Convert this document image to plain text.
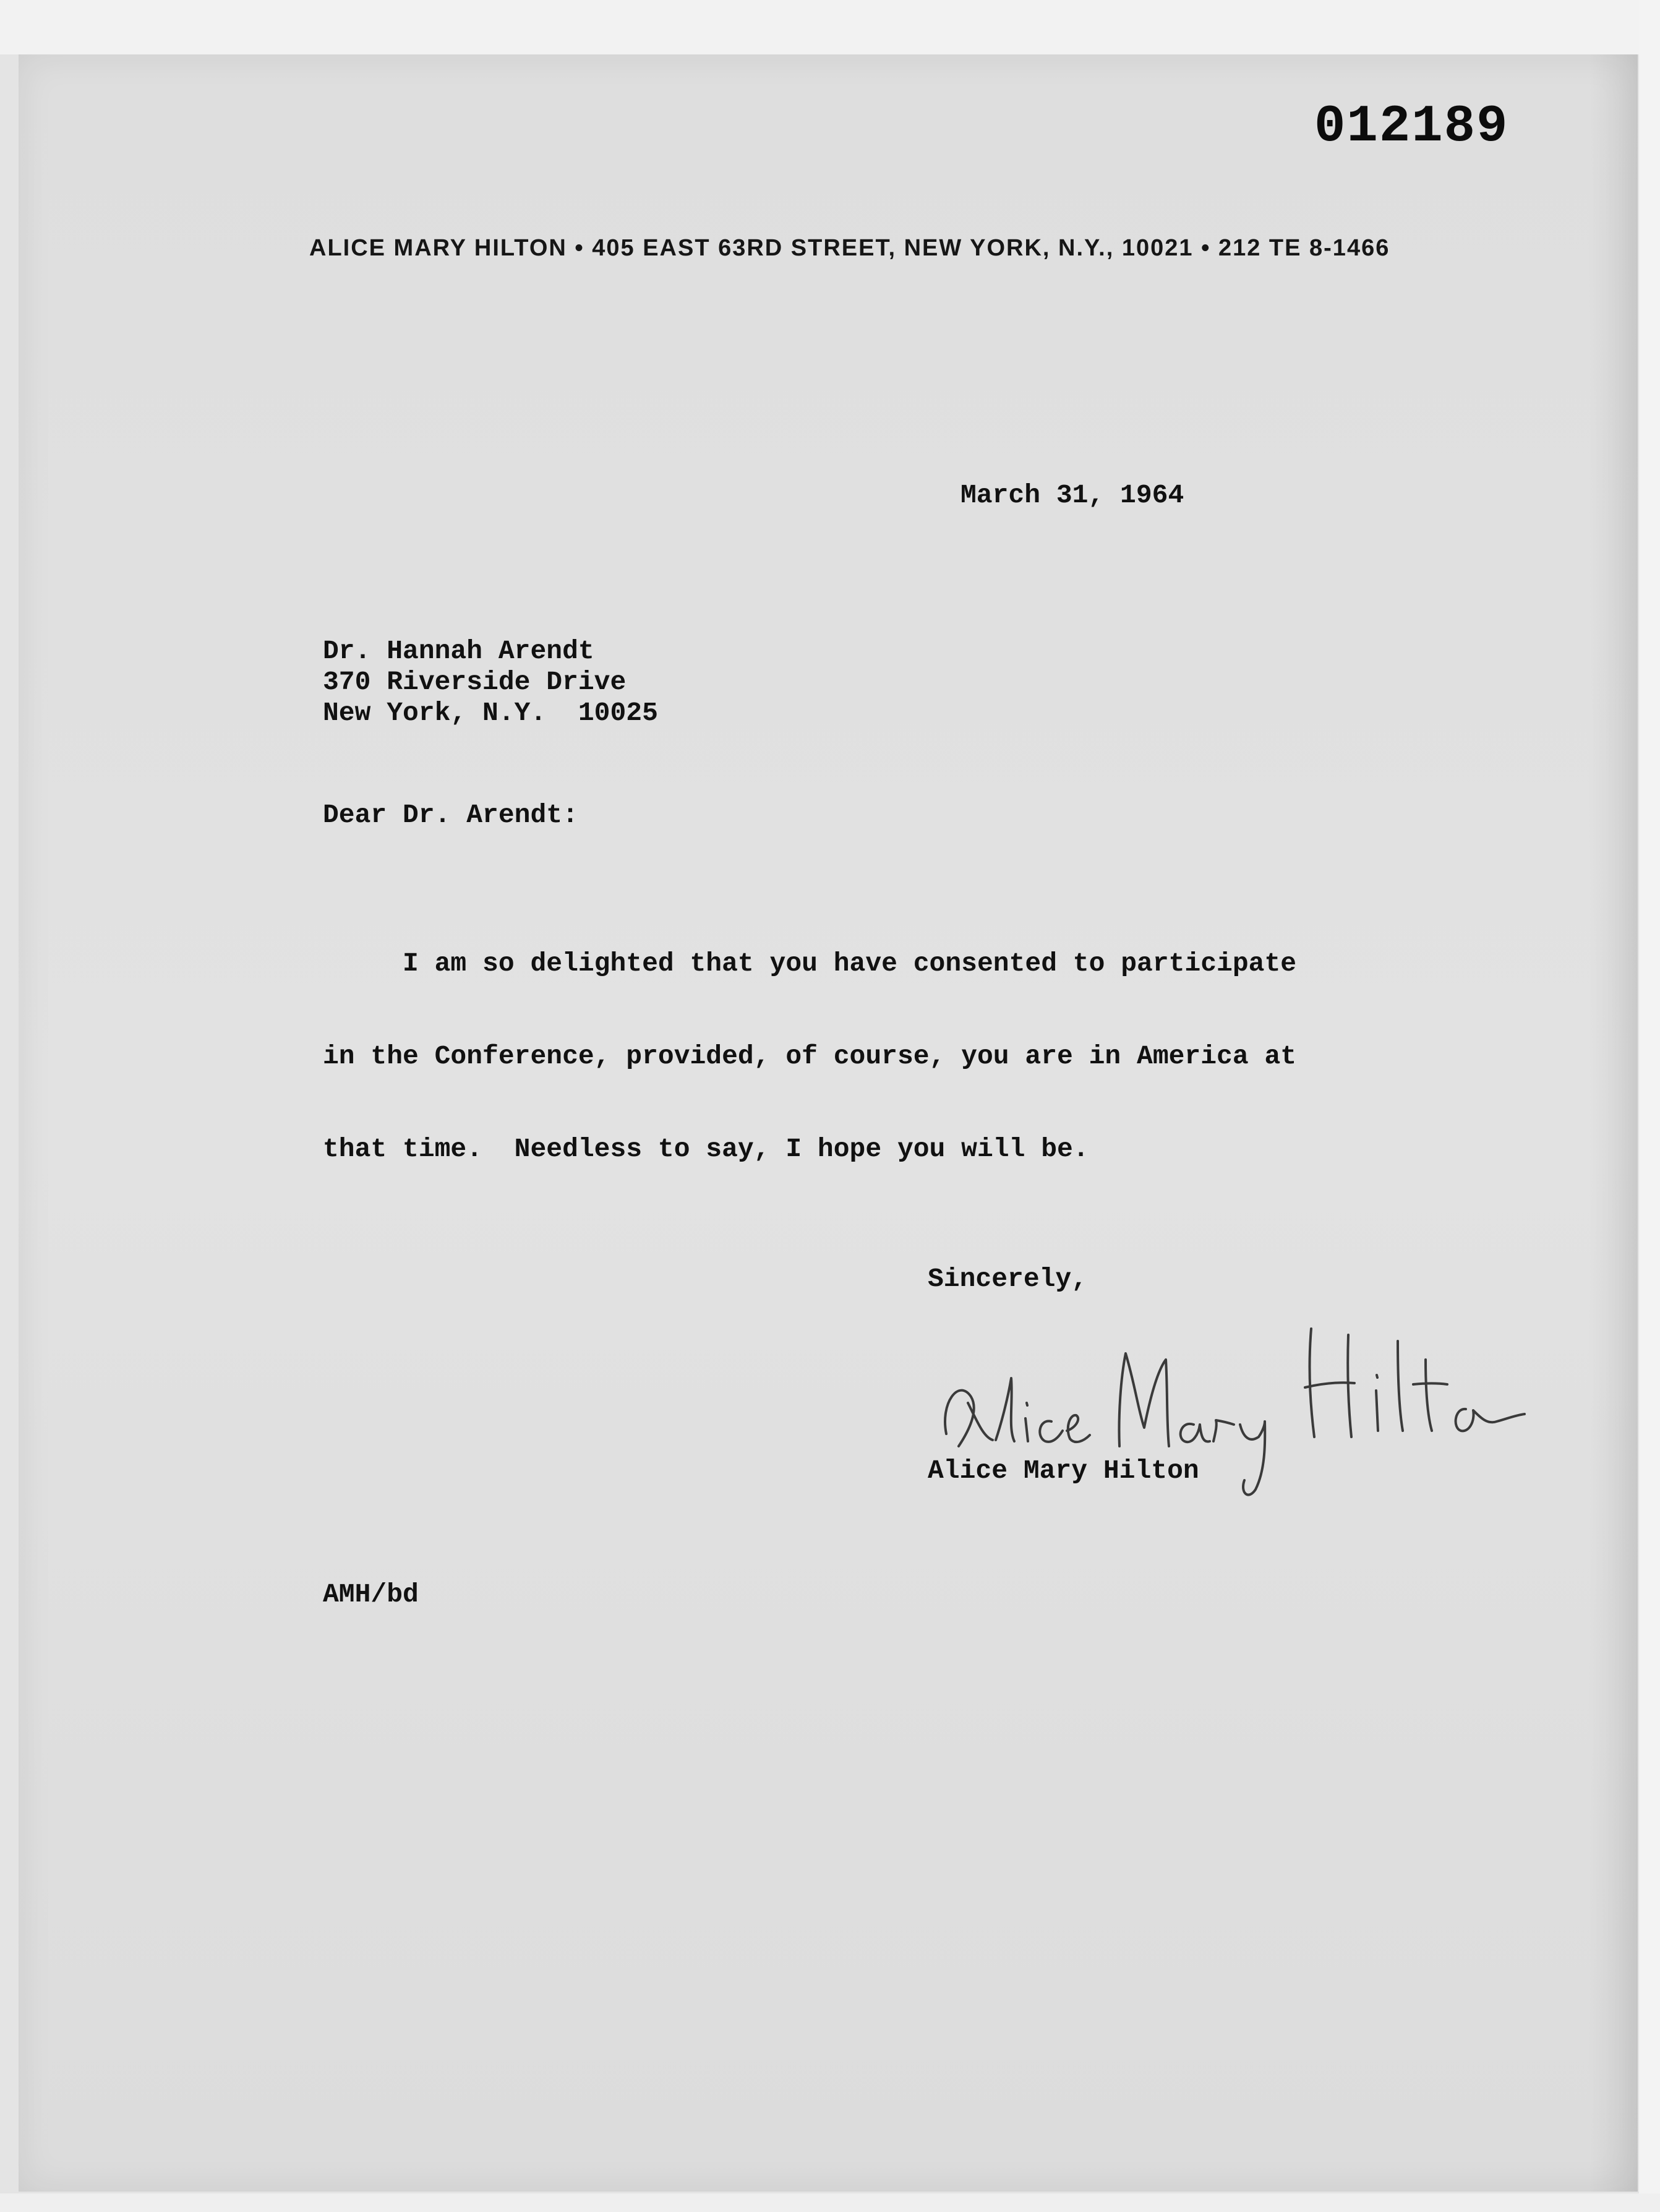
012189
ALICE MARY HILTON • 405 EAST 63RD STREET, NEW YORK, N.Y., 10021 • 212 TE 8-1466
March 31, 1964
Dr. Hannah Arendt
370 Riverside Drive
New York, N.Y.  10025
Dear Dr. Arendt:

I am so delighted that you have consented to participate

in the Conference, provided, of course, you are in America at

that time.  Needless to say, I hope you will be.

Sincerely,
Alice Mary Hilton
AMH/bd
